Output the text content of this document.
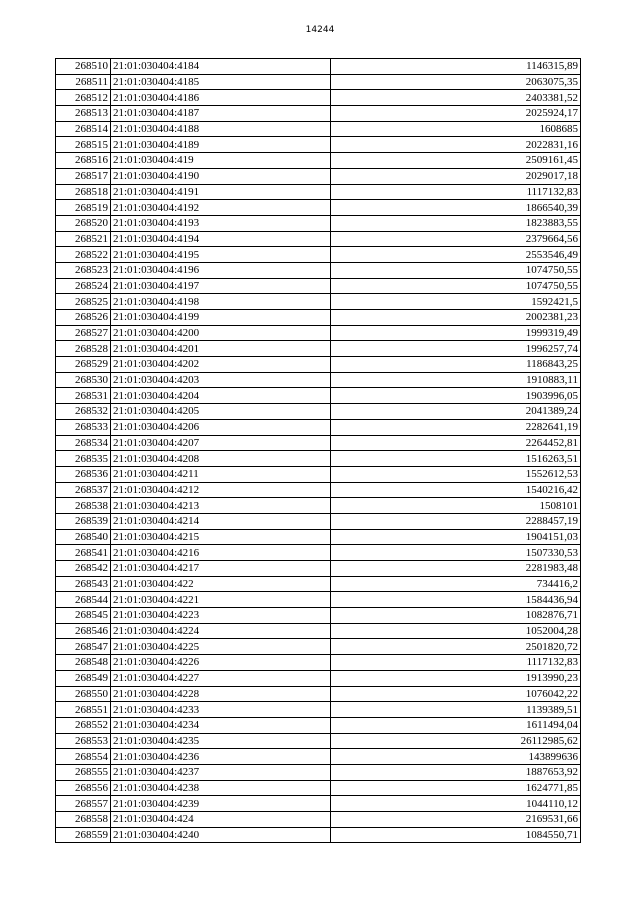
14244
268510	21:01:030404:4184	1146315,89
268511	21:01:030404:4185	2063075,35
268512	21:01:030404:4186	2403381,52
268513	21:01:030404:4187	2025924,17
268514	21:01:030404:4188	1608685
268515	21:01:030404:4189	2022831,16
268516	21:01:030404:419	2509161,45
268517	21:01:030404:4190	2029017,18
268518	21:01:030404:4191	1117132,83
268519	21:01:030404:4192	1866540,39
268520	21:01:030404:4193	1823883,55
268521	21:01:030404:4194	2379664,56
268522	21:01:030404:4195	2553546,49
268523	21:01:030404:4196	1074750,55
268524	21:01:030404:4197	1074750,55
268525	21:01:030404:4198	1592421,5
268526	21:01:030404:4199	2002381,23
268527	21:01:030404:4200	1999319,49
268528	21:01:030404:4201	1996257,74
268529	21:01:030404:4202	1186843,25
268530	21:01:030404:4203	1910883,11
268531	21:01:030404:4204	1903996,05
268532	21:01:030404:4205	2041389,24
268533	21:01:030404:4206	2282641,19
268534	21:01:030404:4207	2264452,81
268535	21:01:030404:4208	1516263,51
268536	21:01:030404:4211	1552612,53
268537	21:01:030404:4212	1540216,42
268538	21:01:030404:4213	1508101
268539	21:01:030404:4214	2288457,19
268540	21:01:030404:4215	1904151,03
268541	21:01:030404:4216	1507330,53
268542	21:01:030404:4217	2281983,48
268543	21:01:030404:422	734416,2
268544	21:01:030404:4221	1584436,94
268545	21:01:030404:4223	1082876,71
268546	21:01:030404:4224	1052004,28
268547	21:01:030404:4225	2501820,72
268548	21:01:030404:4226	1117132,83
268549	21:01:030404:4227	1913990,23
268550	21:01:030404:4228	1076042,22
268551	21:01:030404:4233	1139389,51
268552	21:01:030404:4234	1611494,04
268553	21:01:030404:4235	26112985,62
268554	21:01:030404:4236	143899636
268555	21:01:030404:4237	1887653,92
268556	21:01:030404:4238	1624771,85
268557	21:01:030404:4239	1044110,12
268558	21:01:030404:424	2169531,66
268559	21:01:030404:4240	1084550,71
